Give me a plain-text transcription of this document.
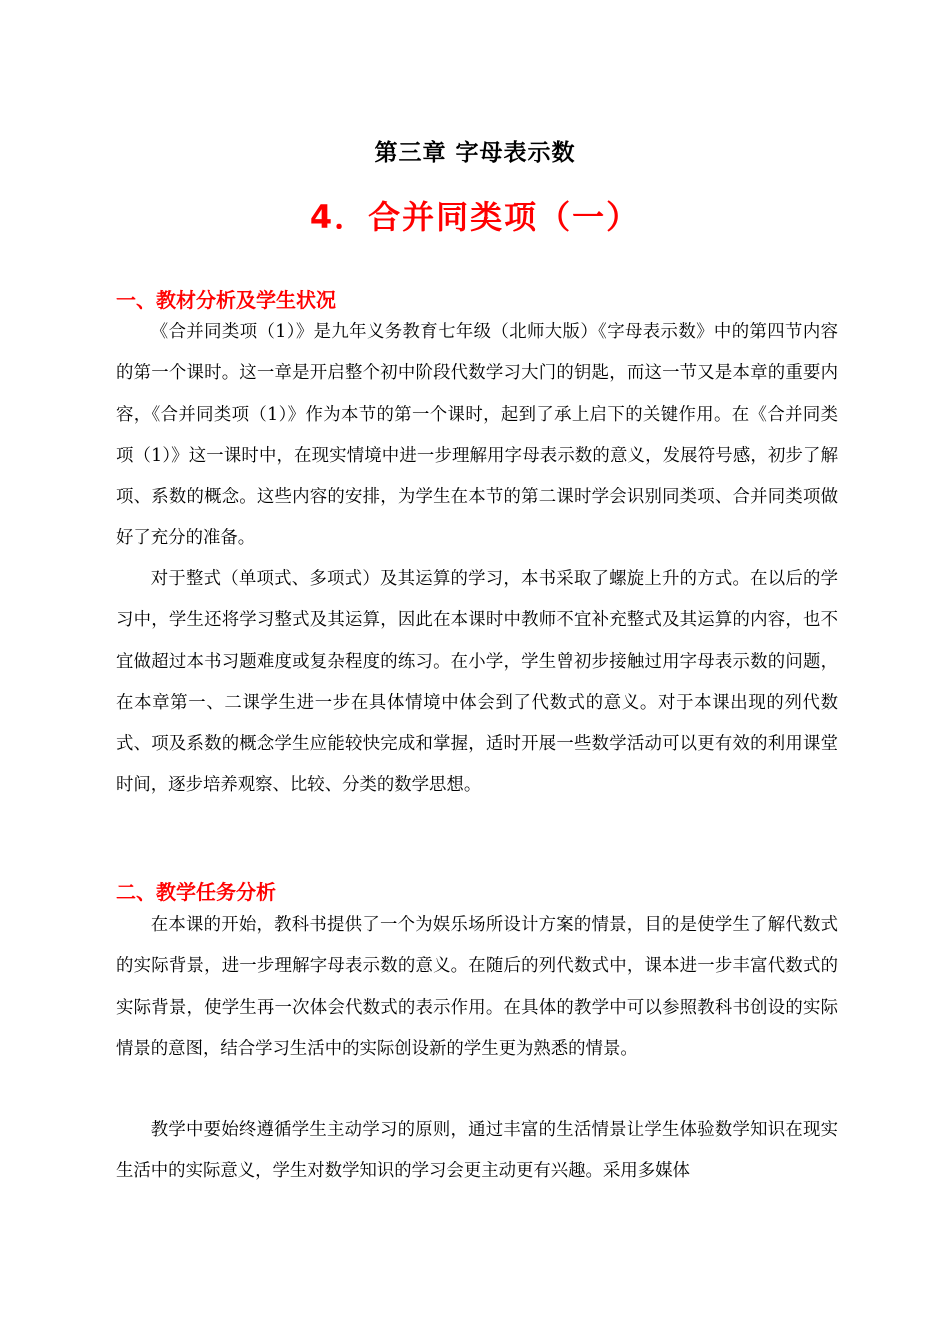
第三章 字母表示数
4．合并同类项（一）
一、教材分析及学生状况

《合并同类项（1）》是九年义务教育七年级（北师大版）《字母表示数》中的第四节内容的第一个课时。这一章是开启整个初中阶段代数学习大门的钥匙，而这一节又是本章的重要内容，《合并同类项（1）》作为本节的第一个课时，起到了承上启下的关键作用。在《合并同类项（1）》这一课时中，在现实情境中进一步理解用字母表示数的意义，发展符号感，初步了解项、系数的概念。这些内容的安排，为学生在本节的第二课时学会识别同类项、合并同类项做好了充分的准备。

对于整式（单项式、多项式）及其运算的学习，本书采取了螺旋上升的方式。在以后的学习中，学生还将学习整式及其运算，因此在本课时中教师不宜补充整式及其运算的内容，也不宜做超过本书习题难度或复杂程度的练习。在小学，学生曾初步接触过用字母表示数的问题，在本章第一、二课学生进一步在具体情境中体会到了代数式的意义。对于本课出现的列代数式、项及系数的概念学生应能较快完成和掌握，适时开展一些数学活动可以更有效的利用课堂时间，逐步培养观察、比较、分类的数学思想。

二、教学任务分析

在本课的开始，教科书提供了一个为娱乐场所设计方案的情景，目的是使学生了解代数式的实际背景，进一步理解字母表示数的意义。在随后的列代数式中，课本进一步丰富代数式的实际背景，使学生再一次体会代数式的表示作用。在具体的教学中可以参照教科书创设的实际情景的意图，结合学习生活中的实际创设新的学生更为熟悉的情景。

教学中要始终遵循学生主动学习的原则，通过丰富的生活情景让学生体验数学知识在现实生活中的实际意义，学生对数学知识的学习会更主动更有兴趣。采用多媒体
